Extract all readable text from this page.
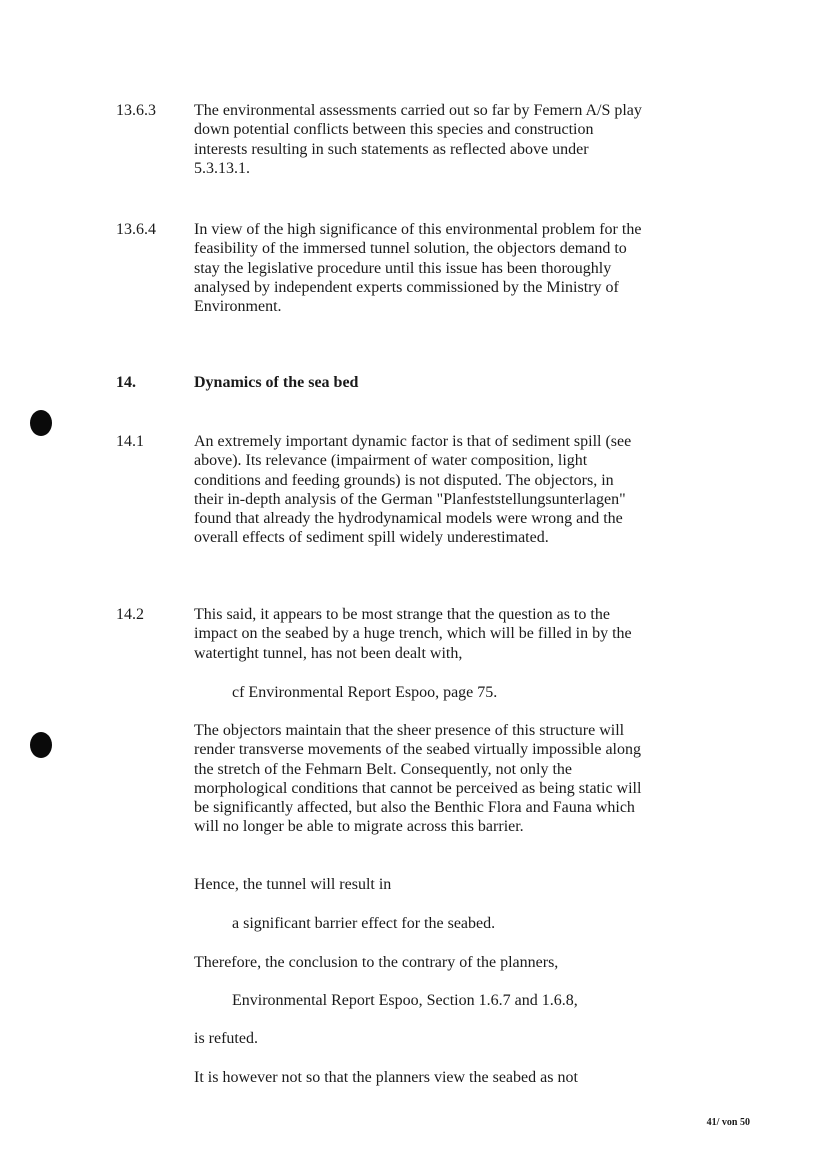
13.6.3 The environmental assessments carried out so far by Femern A/S play down potential conflicts between this species and construction interests resulting in such statements as reflected above under 5.3.13.1.
13.6.4 In view of the high significance of this environmental problem for the feasibility of the immersed tunnel solution, the objectors demand to stay the legislative procedure until this issue has been thoroughly analysed by independent experts commissioned by the Ministry of Environment.
14.	Dynamics of the sea bed
14.1	An extremely important dynamic factor is that of sediment spill (see above). Its relevance (impairment of water composition, light conditions and feeding grounds) is not disputed. The objectors, in their in-depth analysis of the German "Planfeststellungsunterlagen" found that already the hydrodynamical models were wrong and the overall effects of sediment spill widely underestimated.
14.2	This said, it appears to be most strange that the question as to the impact on the seabed by a huge trench, which will be filled in by the watertight tunnel, has not been dealt with,
cf Environmental Report Espoo, page 75.
The objectors maintain that the sheer presence of this structure will render transverse movements of the seabed virtually impossible along the stretch of the Fehmarn Belt. Consequently, not only the morphological conditions that cannot be perceived as being static will be significantly affected, but also the Benthic Flora and Fauna which will no longer be able to migrate across this barrier.
Hence, the tunnel will result in
a significant barrier effect for the seabed.
Therefore, the conclusion to the contrary of the planners,
Environmental Report Espoo, Section 1.6.7 and 1.6.8,
is refuted.
It is however not so that the planners view the seabed as not
41/ von 50
